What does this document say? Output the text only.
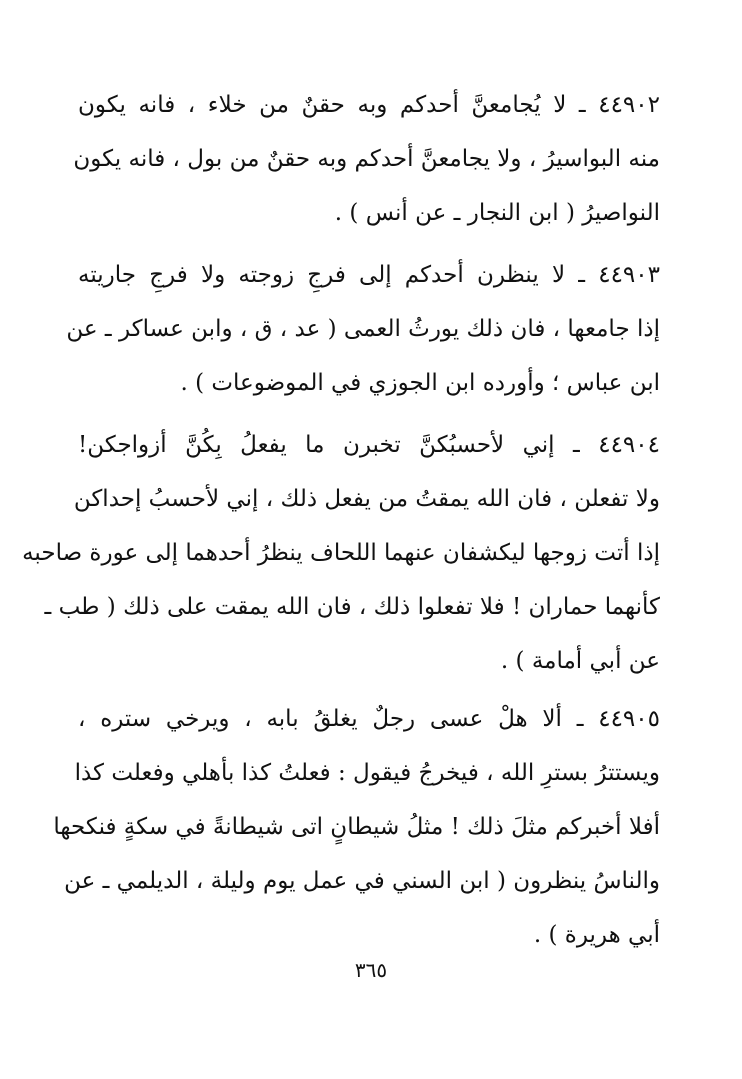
٤٤٩٠٢ ـ لا يُجامعنَّ أحدكم وبه حقنٌ من خلاء ، فانه يكون
منه البواسيرُ ، ولا يجامعنَّ أحدكم وبه حقنٌ من بول ، فانه يكون
النواصيرُ ( ابن النجار ـ عن أنس ) .

٤٤٩٠٣ ـ لا ينظرن أحدكم إلى فرجِ زوجته ولا فرجِ جاريته
إذا جامعها ، فان ذلك يورثُ العمى ( عد ، ق ، وابن عساكر ـ عن
ابن عباس ؛ وأورده ابن الجوزي في الموضوعات ) .

٤٤٩٠٤ ـ إني لأحسبُكنَّ تخبرن ما يفعلُ بِكُنَّ أزواجكن!
ولا تفعلن ، فان الله يمقتُ من يفعل ذلك ، إني لأحسبُ إحداكن
إذا أتت زوجها ليكشفان عنهما اللحاف ينظرُ أحدهما إلى عورة صاحبه
كأنهما حماران ! فلا تفعلوا ذلك ، فان الله يمقت على ذلك ( طب ـ
عن أبي أمامة ) .

٤٤٩٠٥ ـ ألا هلْ عسى رجلٌ يغلقُ بابه ، ويرخي ستره ،
ويستترُ بسترِ الله ، فيخرجُ فيقول : فعلتُ كذا بأهلي وفعلت كذا
أفلا أخبركم مثلَ ذلك ! مثلُ شيطانٍ اتى شيطانةً في سكةٍ فنكحها
والناسُ ينظرون ( ابن السني في عمل يوم وليلة ، الديلمي ـ عن
أبي هريرة ) .

٣٦٥
